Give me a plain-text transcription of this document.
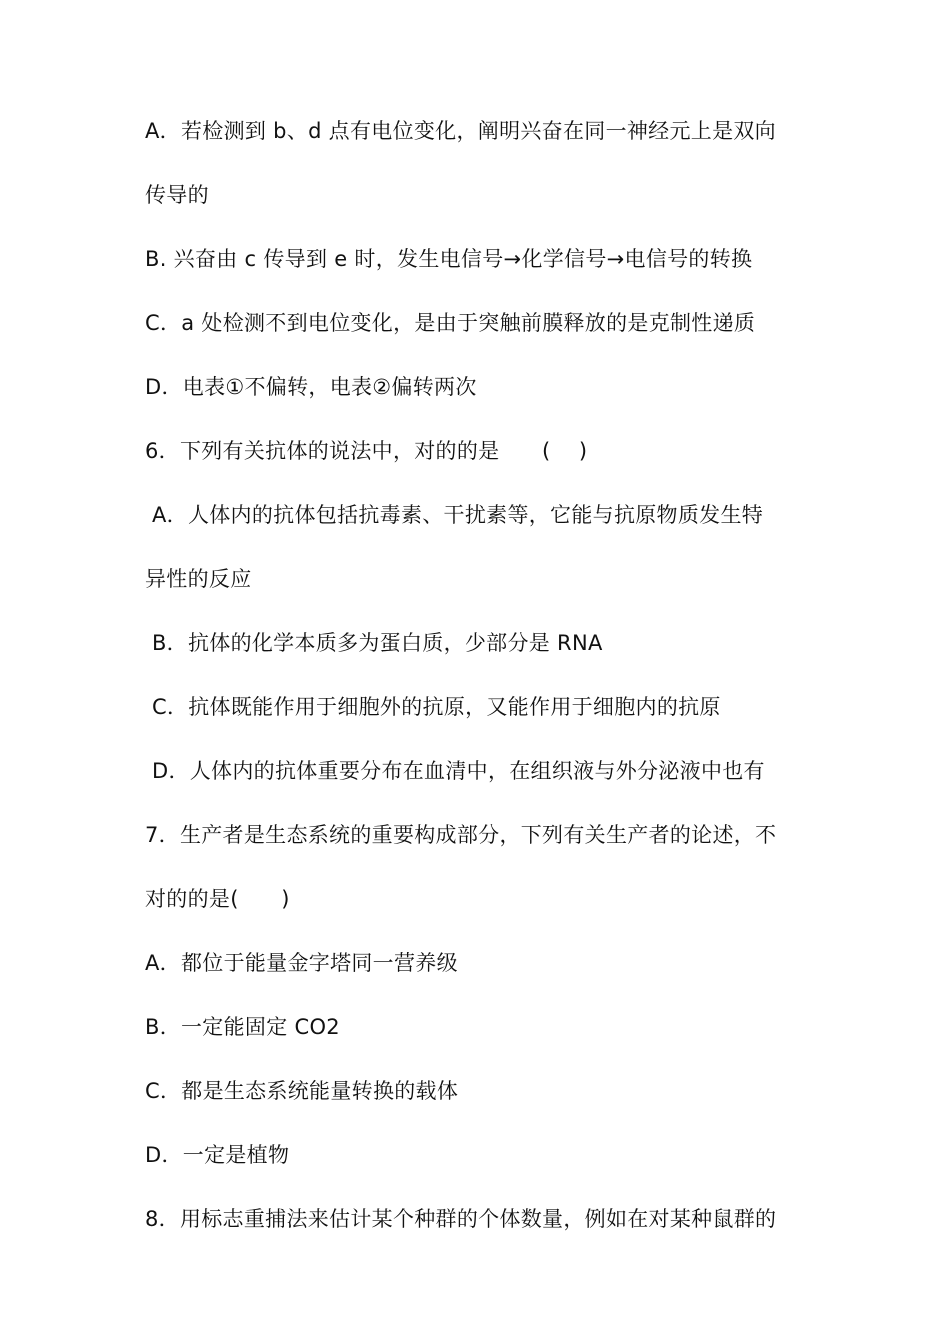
A．若检测到 b、d 点有电位变化，阐明兴奋在同一神经元上是双向
传导的
B. 兴奋由 c 传导到 e 时，发生电信号→化学信号→电信号的转换
C．a 处检测不到电位变化，是由于突触前膜释放的是克制性递质
D．电表①不偏转，电表②偏转两次
6．下列有关抗体的说法中，对的的是　　(　 )
A．人体内的抗体包括抗毒素、干扰素等，它能与抗原物质发生特
异性的反应
B．抗体的化学本质多为蛋白质，少部分是 RNA
C．抗体既能作用于细胞外的抗原，又能作用于细胞内的抗原
D．人体内的抗体重要分布在血清中，在组织液与外分泌液中也有
7．生产者是生态系统的重要构成部分，下列有关生产者的论述，不
对的的是(　　)
A．都位于能量金字塔同一营养级
B．一定能固定 CO2
C．都是生态系统能量转换的载体
D．一定是植物
8．用标志重捕法来估计某个种群的个体数量，例如在对某种鼠群的
